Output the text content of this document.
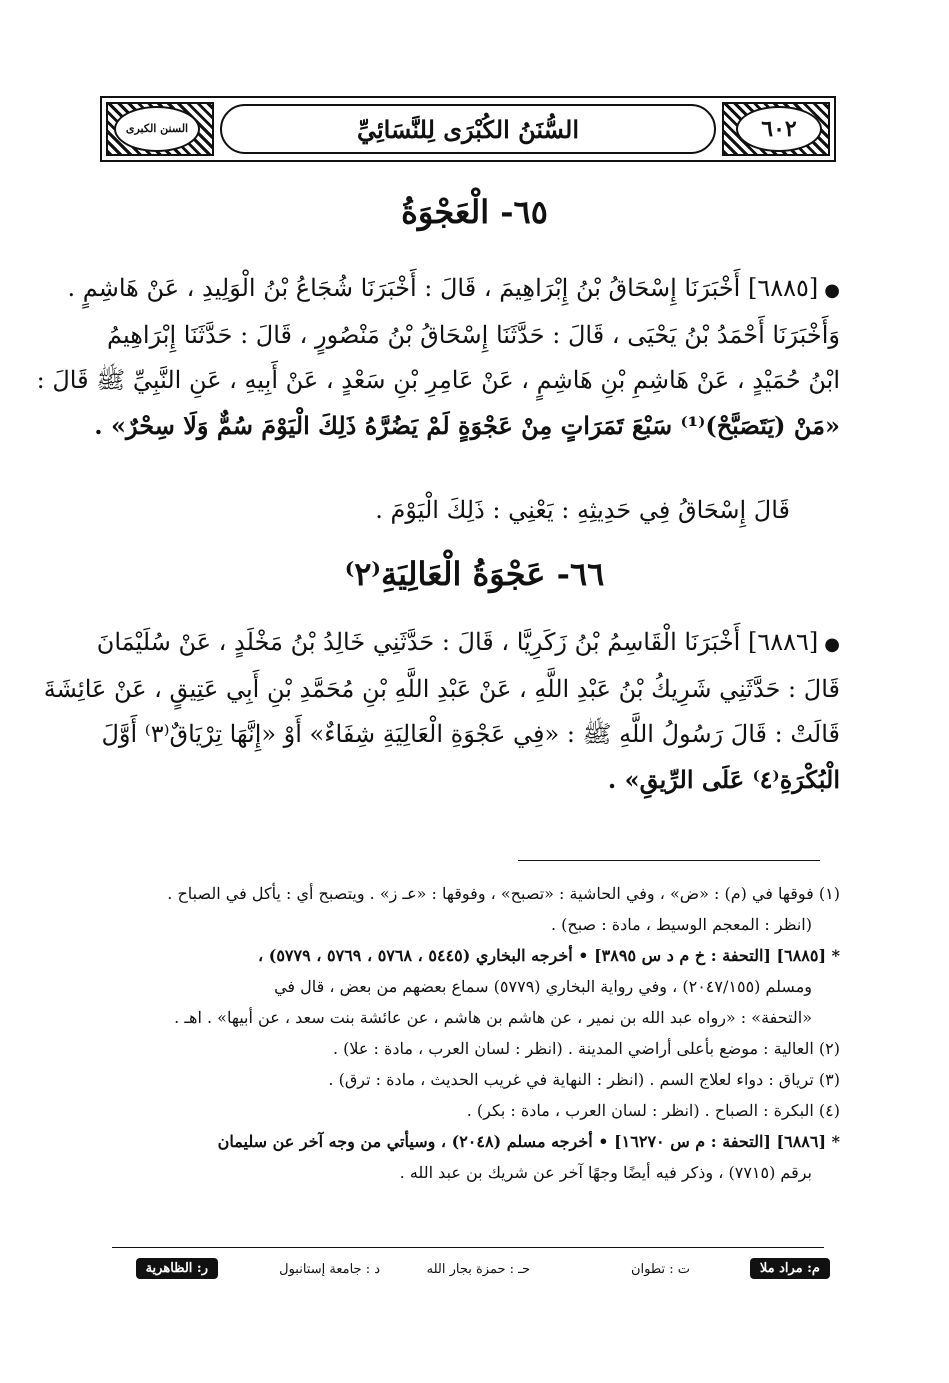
٦٠٢
السنن الكبرى	السُّنَنُ الكُبْرَى لِلنَّسَائِيِّ
٦٥- الْعَجْوَةُ
●[٦٨٨٥] أَخْبَرَنَا إِسْحَاقُ بْنُ إِبْرَاهِيمَ ، قَالَ : أَخْبَرَنَا شُجَاعُ بْنُ الْوَلِيدِ ، عَنْ هَاشِمٍ .
وَأَخْبَرَنَا أَحْمَدُ بْنُ يَحْيَى ، قَالَ : حَدَّثَنَا إِسْحَاقُ بْنُ مَنْصُورٍ ، قَالَ : حَدَّثَنَا إِبْرَاهِيمُ
ابْنُ حُمَيْدٍ ، عَنْ هَاشِمِ بْنِ هَاشِمٍ ، عَنْ عَامِرِ بْنِ سَعْدٍ ، عَنْ أَبِيهِ ، عَنِ النَّبِيِّ ﷺ قَالَ :
«مَنْ (يَتَصَبَّحْ)⁽¹⁾ سَبْعَ تَمَرَاتٍ مِنْ عَجْوَةٍ لَمْ يَضُرَّهُ ذَلِكَ الْيَوْمَ سُمٌّ وَلَا سِحْرٌ» .
قَالَ إِسْحَاقُ فِي حَدِيثِهِ : يَعْنِي : ذَلِكَ الْيَوْمَ .
٦٦- عَجْوَةُ الْعَالِيَةِ⁽٢⁾
●[٦٨٨٦] أَخْبَرَنَا الْقَاسِمُ بْنُ زَكَرِيَّا ، قَالَ : حَدَّثَنِي خَالِدُ بْنُ مَخْلَدٍ ، عَنْ سُلَيْمَانَ
قَالَ : حَدَّثَنِي شَرِيكُ بْنُ عَبْدِ اللَّهِ ، عَنْ عَبْدِ اللَّهِ بْنِ مُحَمَّدِ بْنِ أَبِي عَتِيقٍ ، عَنْ عَائِشَةَ
قَالَتْ : قَالَ رَسُولُ اللَّهِ ﷺ : «فِي عَجْوَةِ الْعَالِيَةِ شِفَاءٌ» أَوْ «إِنَّهَا تِرْيَاقٌ⁽٣⁾ أَوَّلَ
الْبُكْرَةِ⁽٤⁾ عَلَى الرِّيقِ» .
(١) فوقها في (م) : «ض» ، وفي الحاشية : «تصبح» ، وفوقها : «عـ ز» . ويتصبح أي : يأكل في الصباح .
(انظر : المعجم الوسيط ، مادة : صبح) .
* [٦٨٨٥] [التحفة : خ م د س ٣٨٩٥] • أخرجه البخاري (٥٤٤٥ ، ٥٧٦٨ ، ٥٧٦٩ ، ٥٧٧٩) ،
ومسلم (٢٠٤٧/١٥٥) ، وفي رواية البخاري (٥٧٧٩) سماع بعضهم من بعض ، قال في
«التحفة» : «رواه عبد الله بن نمير ، عن هاشم بن هاشم ، عن عائشة بنت سعد ، عن أبيها» . اهـ .
(٢) العالية : موضع بأعلى أراضي المدينة . (انظر : لسان العرب ، مادة : علا) .
(٣) ترياق : دواء لعلاج السم . (انظر : النهاية في غريب الحديث ، مادة : ترق) .
(٤) البكرة : الصباح . (انظر : لسان العرب ، مادة : بكر) .
* [٦٨٨٦] [التحفة : م س ١٦٢٧٠] • أخرجه مسلم (٢٠٤٨) ، وسيأتي من وجه آخر عن سليمان
برقم (٧٧١٥) ، وذكر فيه أيضًا وجهًا آخر عن شريك بن عبد الله .
م: مراد ملا
ت : تطوان
حـ : حمزة بجار الله
د : جامعة إستانبول
ر: الظاهرية
